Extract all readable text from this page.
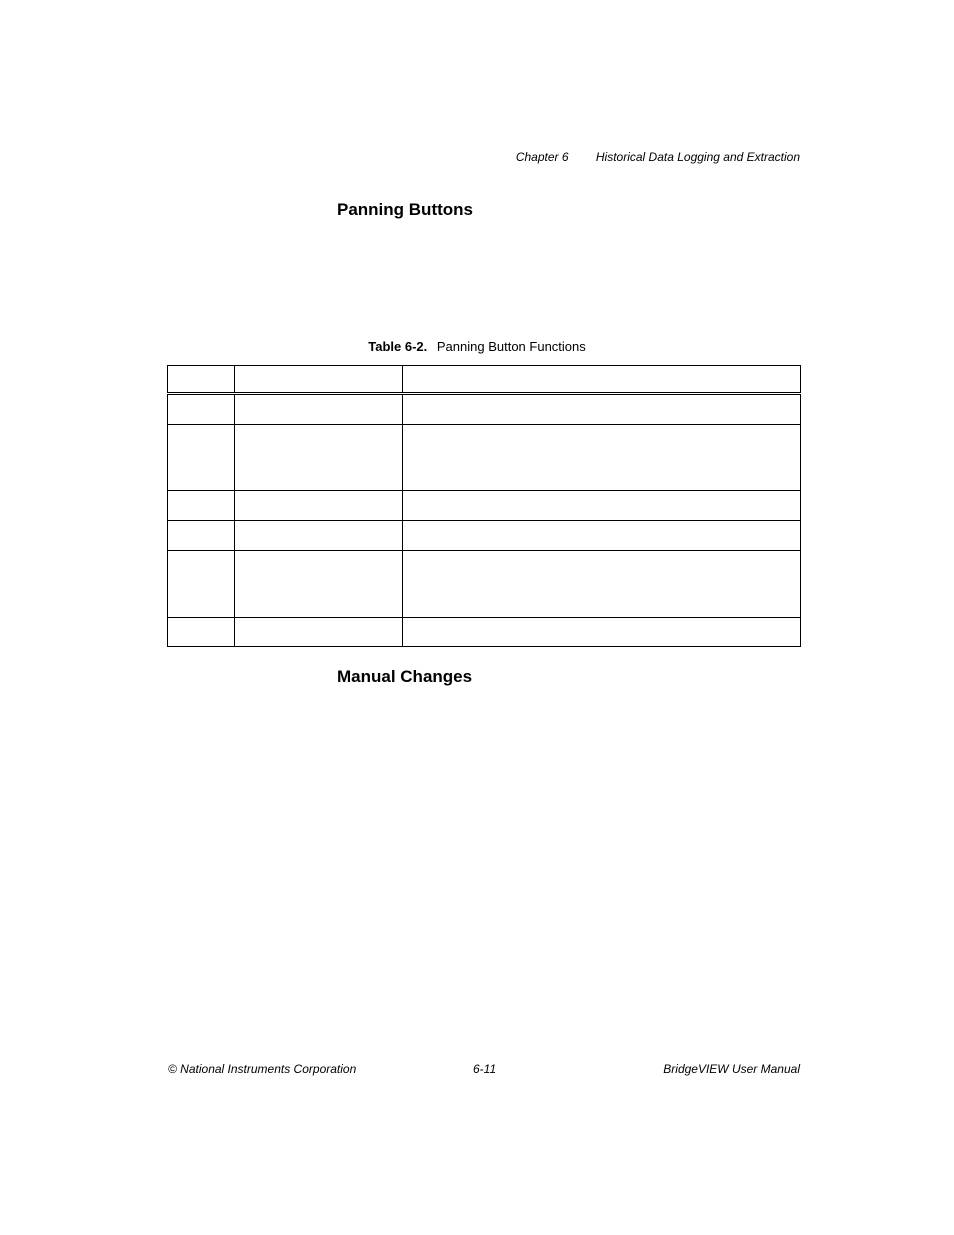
Chapter 6 Historical Data Logging and Extraction
Panning Buttons
Table 6-2. Panning Button Functions

Manual Changes
© National Instruments Corporation	6-11	BridgeVIEW User Manual
